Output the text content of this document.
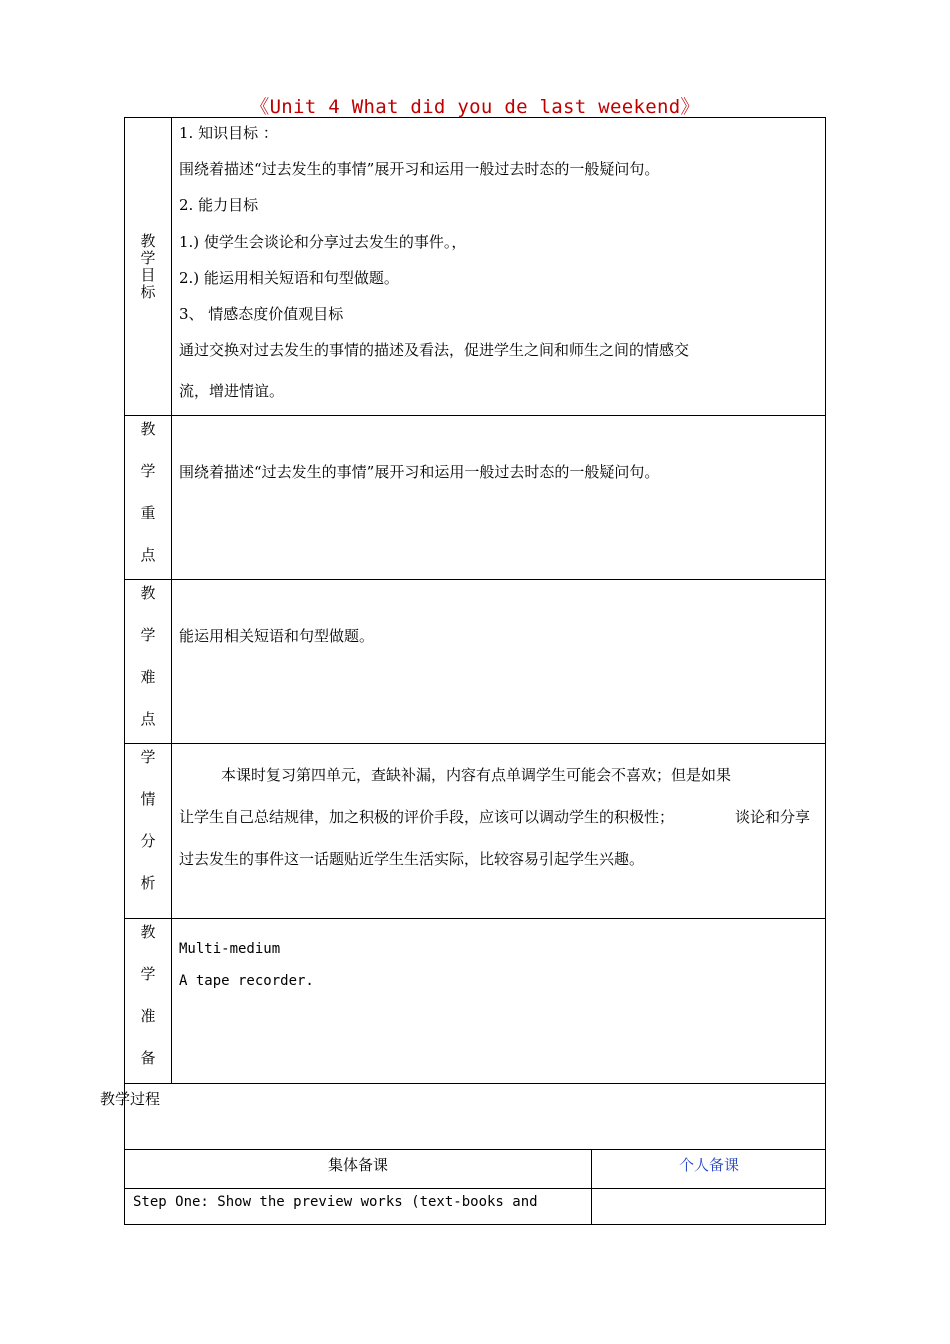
《Unit 4 What did you de last weekend》
教
学
目
标
1. 知识目标 ：
围绕着描述“过去发生的事情”展开习和运用一般过去时态的一般疑问句。
2. 能力目标
1.) 使学生会谈论和分享过去发生的事件。，
2.) 能运用相关短语和句型做题。
3、 情感态度价值观目标
通过交换对过去发生的事情的描述及看法，促进学生之间和师生之间的情感交
流，增进情谊。
教
学
重
点
围绕着描述“过去发生的事情”展开习和运用一般过去时态的一般疑问句。
教
学
难
点
能运用相关短语和句型做题。
学
情
分
析
本课时复习第四单元，查缺补漏，内容有点单调学生可能会不喜欢；但是如果
让学生自己总结规律，加之积极的评价手段，应该可以调动学生的积极性；	谈论和分享
过去发生的事件这一话题贴近学生生活实际，比较容易引起学生兴趣。
教
学
准
备
Multi-medium
A tape recorder.
教学过程
集体备课	个人备课
Step One: Show the preview works (text-books and
